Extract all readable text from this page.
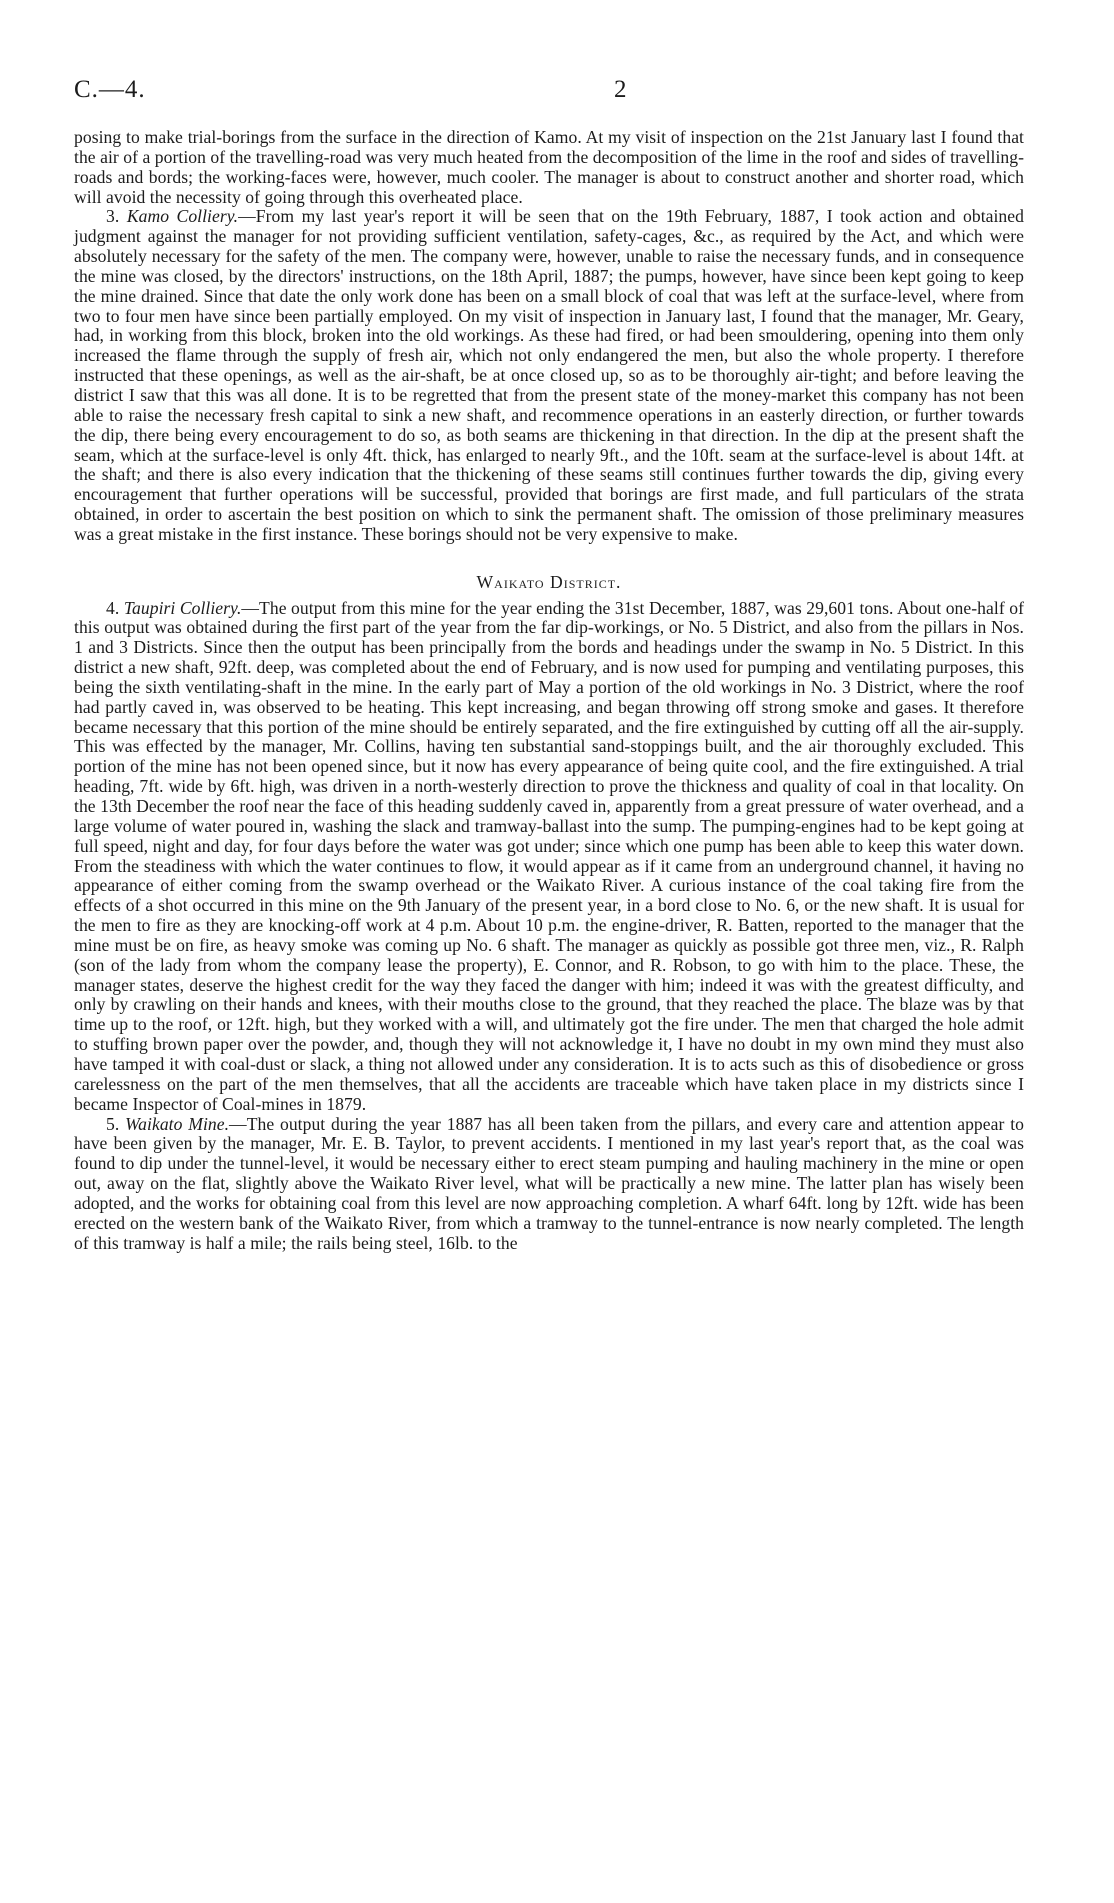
C.—4.	2

posing to make trial-borings from the surface in the direction of Kamo. At my visit of inspection on the 21st January last I found that the air of a portion of the travelling-road was very much heated from the decomposition of the lime in the roof and sides of travelling-roads and bords; the working-faces were, however, much cooler. The manager is about to construct another and shorter road, which will avoid the necessity of going through this overheated place.

3. Kamo Colliery.—From my last year's report it will be seen that on the 19th February, 1887, I took action and obtained judgment against the manager for not providing sufficient ventilation, safety-cages, &c., as required by the Act, and which were absolutely necessary for the safety of the men. The company were, however, unable to raise the necessary funds, and in consequence the mine was closed, by the directors' instructions, on the 18th April, 1887; the pumps, however, have since been kept going to keep the mine drained. Since that date the only work done has been on a small block of coal that was left at the surface-level, where from two to four men have since been partially employed. On my visit of inspection in January last, I found that the manager, Mr. Geary, had, in working from this block, broken into the old workings. As these had fired, or had been smouldering, opening into them only increased the flame through the supply of fresh air, which not only endangered the men, but also the whole property. I therefore instructed that these openings, as well as the air-shaft, be at once closed up, so as to be thoroughly air-tight; and before leaving the district I saw that this was all done. It is to be regretted that from the present state of the money-market this company has not been able to raise the necessary fresh capital to sink a new shaft, and recommence operations in an easterly direction, or further towards the dip, there being every encouragement to do so, as both seams are thickening in that direction. In the dip at the present shaft the seam, which at the surface-level is only 4ft. thick, has enlarged to nearly 9ft., and the 10ft. seam at the surface-level is about 14ft. at the shaft; and there is also every indication that the thickening of these seams still continues further towards the dip, giving every encouragement that further operations will be successful, provided that borings are first made, and full particulars of the strata obtained, in order to ascertain the best position on which to sink the permanent shaft. The omission of those preliminary measures was a great mistake in the first instance. These borings should not be very expensive to make.

Waikato District.

4. Taupiri Colliery.—The output from this mine for the year ending the 31st December, 1887, was 29,601 tons. About one-half of this output was obtained during the first part of the year from the far dip-workings, or No. 5 District, and also from the pillars in Nos. 1 and 3 Districts. Since then the output has been principally from the bords and headings under the swamp in No. 5 District. In this district a new shaft, 92ft. deep, was completed about the end of February, and is now used for pumping and ventilating purposes, this being the sixth ventilating-shaft in the mine. In the early part of May a portion of the old workings in No. 3 District, where the roof had partly caved in, was observed to be heating. This kept increasing, and began throwing off strong smoke and gases. It therefore became necessary that this portion of the mine should be entirely separated, and the fire extinguished by cutting off all the air-supply. This was effected by the manager, Mr. Collins, having ten substantial sand-stoppings built, and the air thoroughly excluded. This portion of the mine has not been opened since, but it now has every appearance of being quite cool, and the fire extinguished. A trial heading, 7ft. wide by 6ft. high, was driven in a north-westerly direction to prove the thickness and quality of coal in that locality. On the 13th December the roof near the face of this heading suddenly caved in, apparently from a great pressure of water overhead, and a large volume of water poured in, washing the slack and tramway-ballast into the sump. The pumping-engines had to be kept going at full speed, night and day, for four days before the water was got under; since which one pump has been able to keep this water down. From the steadiness with which the water continues to flow, it would appear as if it came from an underground channel, it having no appearance of either coming from the swamp overhead or the Waikato River. A curious instance of the coal taking fire from the effects of a shot occurred in this mine on the 9th January of the present year, in a bord close to No. 6, or the new shaft. It is usual for the men to fire as they are knocking-off work at 4 p.m. About 10 p.m. the engine-driver, R. Batten, reported to the manager that the mine must be on fire, as heavy smoke was coming up No. 6 shaft. The manager as quickly as possible got three men, viz., R. Ralph (son of the lady from whom the company lease the property), E. Connor, and R. Robson, to go with him to the place. These, the manager states, deserve the highest credit for the way they faced the danger with him; indeed it was with the greatest difficulty, and only by crawling on their hands and knees, with their mouths close to the ground, that they reached the place. The blaze was by that time up to the roof, or 12ft. high, but they worked with a will, and ultimately got the fire under. The men that charged the hole admit to stuffing brown paper over the powder, and, though they will not acknowledge it, I have no doubt in my own mind they must also have tamped it with coal-dust or slack, a thing not allowed under any consideration. It is to acts such as this of disobedience or gross carelessness on the part of the men themselves, that all the accidents are traceable which have taken place in my districts since I became Inspector of Coal-mines in 1879.

5. Waikato Mine.—The output during the year 1887 has all been taken from the pillars, and every care and attention appear to have been given by the manager, Mr. E. B. Taylor, to prevent accidents. I mentioned in my last year's report that, as the coal was found to dip under the tunnel-level, it would be necessary either to erect steam pumping and hauling machinery in the mine or open out, away on the flat, slightly above the Waikato River level, what will be practically a new mine. The latter plan has wisely been adopted, and the works for obtaining coal from this level are now approaching completion. A wharf 64ft. long by 12ft. wide has been erected on the western bank of the Waikato River, from which a tramway to the tunnel-entrance is now nearly completed. The length of this tramway is half a mile; the rails being steel, 16lb. to the
